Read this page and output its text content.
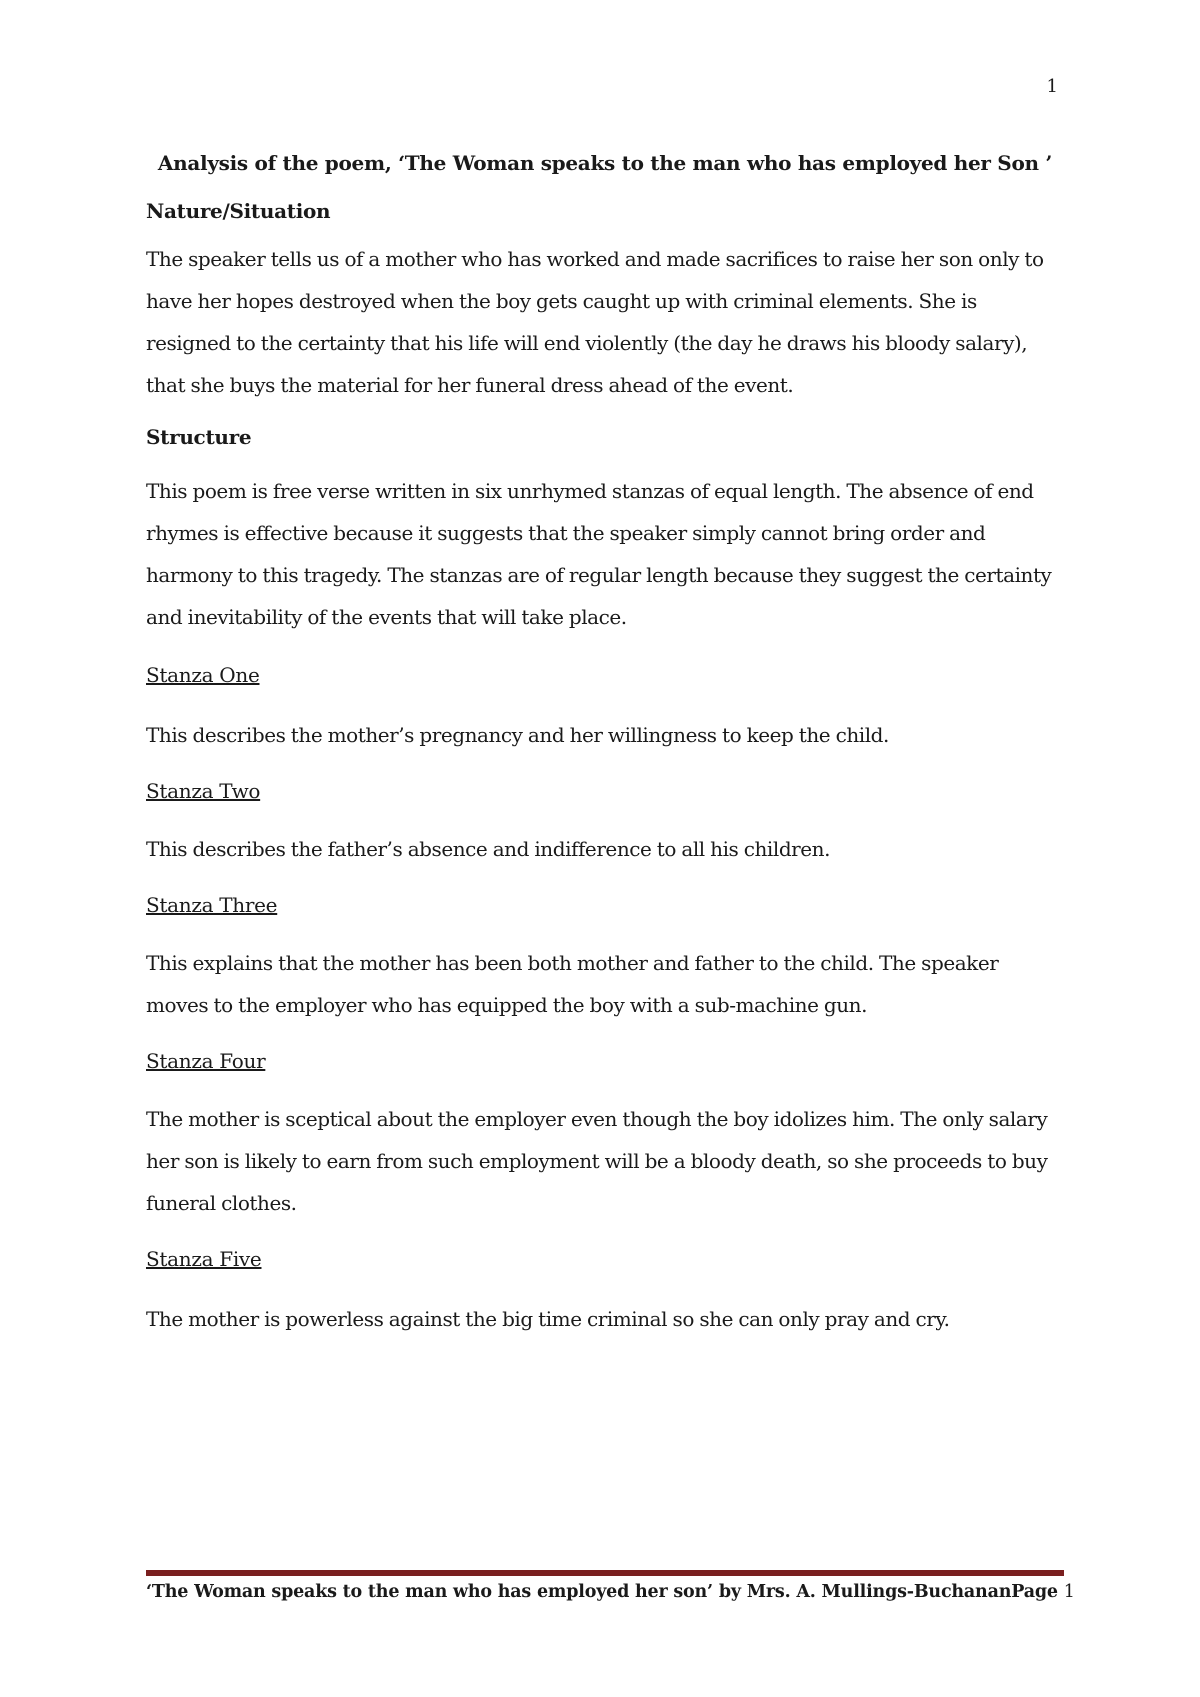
1

Analysis of the poem, ‘The Woman speaks to the man who has employed her Son ’

Nature/Situation

The speaker tells us of a mother who has worked and made sacrifices to raise her son only to have her hopes destroyed when the boy gets caught up with criminal elements. She is resigned to the certainty that his life will end violently (the day he draws his bloody salary), that she buys the material for her funeral dress ahead of the event.

Structure

This poem is free verse written in six unrhymed stanzas of equal length. The absence of end rhymes is effective because it suggests that the speaker simply cannot bring order and harmony to this tragedy. The stanzas are of regular length because they suggest the certainty and inevitability of the events that will take place.

Stanza One

This describes the mother’s pregnancy and her willingness to keep the child.

Stanza Two

This describes the father’s absence and indifference to all his children.

Stanza Three

This explains that the mother has been both mother and father to the child. The speaker moves to the employer who has equipped the boy with a sub-machine gun.

Stanza Four

The mother is sceptical about the employer even though the boy idolizes him. The only salary her son is likely to earn from such employment will be a bloody death, so she proceeds to buy funeral clothes.

Stanza Five

The mother is powerless against the big time criminal so she can only pray and cry.

‘The Woman speaks to the man who has employed her son’ by Mrs. A. Mullings-BuchananPage 1
